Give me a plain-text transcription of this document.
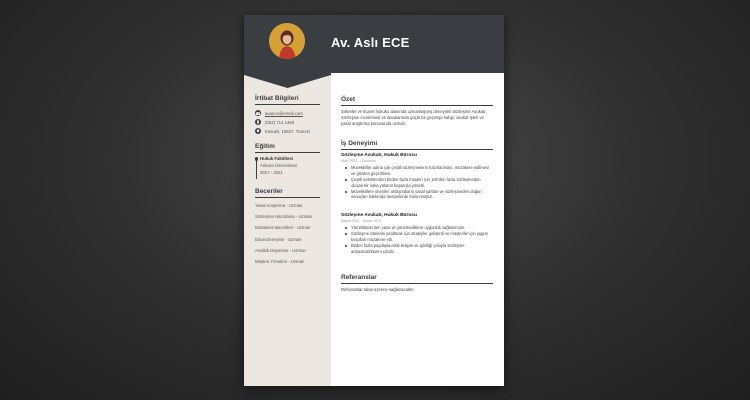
Av. Aslı ECE
İrtibat Bilgileri
avaece@email.com
(052) 714 1469
Kosueli, 19827, Turecki
Eğitim
Hukuk Fakültesi
Ankara Üniversitesi
2017 - 2021
Beceriler
Yasal Araştırma - Uzman
Sözleşme Hazırlama - Uzman
Müzakere Becerileri - Uzman
Dava Deneyimi - Uzman
Analitik Düşünme - Uzman
Müşteri Yönetimi - Uzman
Özet
Şirketler ve ticaret hukuku alanında uzmanlaşmış deneyimli Sözleşme Avukatı. Sözleşme incelemesi ve davalarında güçlü bir geçmişe sahip, avukat işleri ve yasal araştırma konusunda uzman.
İş Deneyimi
Sözleşme Avukatı, Hukuk Bürosu
Mart 2023 - Günümüz
Müvekkiller adına çok çeşitli sözleşmelerin hazırlanması, müzakere edilmesi ve gözden geçirilmesi.
Çeşitli sektörlerden birden fazla müşteri için 100'den fazla sözleşmeden oluşan bir vaka yükünü başarıyla yönetti.
Müvekkillere önerilen anlaşmaların yasal şartları ve sözleşmeden doğan sonuçları hakkında tavsiyelerde bulunmuştur.
Sözleşme Avukatı, Hukuk Bürosu
Mayıs 2021 - Şubat 2023
Yürürlükteki tüm yasa ve yönetmeliklere uygunluk sağlanmıştır.
Sözleşme risklerini azaltmak için stratejiler geliştirdi ve müşteriler için uygun koşulları müzakere etti.
Birden fazla paydaşla etkili iletişim ve işbirliği yoluyla sözleşme anlaşmazlıklarını çözdü.
Referanslar
Referanslar talep üzerine sağlanacaktır
